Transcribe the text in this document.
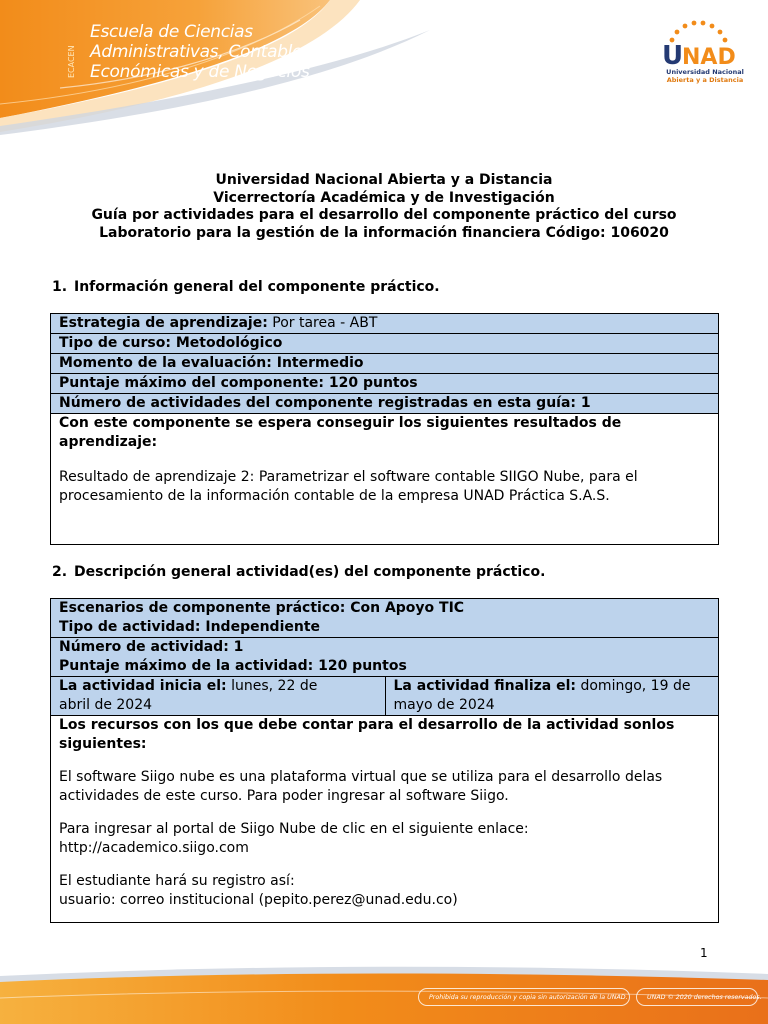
ECACEN
Escuela de Ciencias
Administrativas, Contables,
Económicas y de Negocios
U
NAD
Universidad Nacional
Abierta y a Distancia
Universidad Nacional Abierta y a Distancia
Vicerrectoría Académica y de Investigación
Guía por actividades para el desarrollo del componente práctico del curso
Laboratorio para la gestión de la información financiera Código: 106020
1. Información general del componente práctico.
Estrategia de aprendizaje: Por tarea - ABT
Tipo de curso: Metodológico
Momento de la evaluación: Intermedio
Puntaje máximo del componente: 120 puntos
Número de actividades del componente registradas en esta guía: 1

Con este componente se espera conseguir los siguientes resultados de

aprendizaje:

Resultado de aprendizaje 2: Parametrizar el software contable SIIGO Nube, para el

procesamiento de la información contable de la empresa UNAD Práctica S.A.S.

2. Descripción general actividad(es) del componente práctico.
Escenarios de componente práctico: Con Apoyo TIC
Tipo de actividad: Independiente
Número de actividad: 1
Puntaje máximo de la actividad: 120 puntos
La actividad inicia el: lunes, 22 de
abril de 2024
La actividad finaliza el: domingo, 19 de
mayo de 2024

Los recursos con los que debe contar para el desarrollo de la actividad sonlos

siguientes:

El software Siigo nube es una plataforma virtual que se utiliza para el desarrollo delas

actividades de este curso. Para poder ingresar al software Siigo.

Para ingresar al portal de Siigo Nube de clic en el siguiente enlace:

http://academico.siigo.com

El estudiante hará su registro así:

usuario: correo institucional (pepito.perez@unad.edu.co)

1
Prohibida su reproducción y copia sin autorización de la UNAD.	UNAD © 2020 derechos reservados.
